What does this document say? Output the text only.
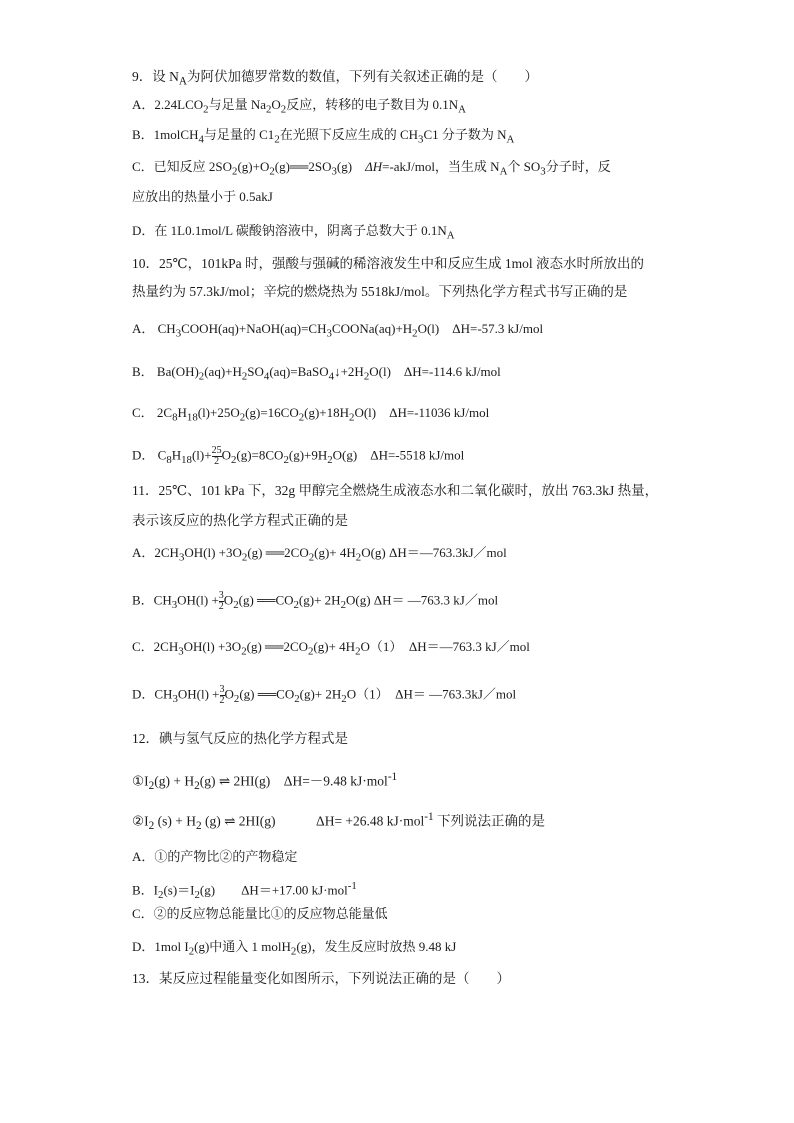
9．设 $N_A$为阿伏加德罗常数的数值，下列有关叙述正确的是（　　）
A．$2.24LCO_2$与足量 $Na_2O_2$反应，转移的电子数目为 $0.1N_A$
B．1molCH$_4$与足量的 $C1_2$在光照下反应生成的 $CH_3C1$ 分子数为 $N_A$
C．已知反应 $2SO_2(g)+O_2(g)══2SO_3(g)$　ΔH=-akJ/mol，当生成 $N_A$个 $SO_3$分子时，反
应放出的热量小于 0.5akJ
D．在 1L0.1mol/L 碳酸钠溶液中，阴离子总数大于 $0.1N_A$
10．25℃，101kPa 时，强酸与强碱的稀溶液发生中和反应生成 1mol 液态水时所放出的
热量约为 57.3kJ/mol；辛烷的燃烧热为 5518kJ/mol。下列热化学方程式书写正确的是
A． $CH_3COOH(aq)+NaOH(aq)=CH_3COONa(aq)+H_2O(l)$　ΔH=-57.3 kJ/mol
B． $Ba(OH)_2(aq)+H_2SO_4(aq)=BaSO_4↓+2H_2O(l)$　ΔH=-114.6 kJ/mol
C． $2C_8H_{18}(l)+25O_2(g)=16CO_2(g)+18H_2O(l)$　ΔH=-11036 kJ/mol
D． $C_8H_{18}(l)+ \frac{25}{2} O_2(g)=8CO_2(g)+9H_2O(g)$　ΔH=-5518 kJ/mol
11．25℃、101 kPa 下，32g 甲醇完全燃烧生成液态水和二氧化碳时，放出 763.3kJ 热量，
表示该反应的热化学方程式正确的是
A．$2CH_3OH(l) +3O_2(g)$ $══2CO_2(g)+ 4H_2O(g)$ ΔH＝—763.3kJ／mol
B．$CH_3OH(l) + \frac{3}{2} O_2(g)$ $══CO_2(g)+ 2H_2O(g)$ ΔH＝ —763.3 kJ／mol
C．$2CH_3OH(l) +3O_2(g)$ $══2CO_2(g)+ 4H_2O(1)$　ΔH＝—763.3 kJ／mol
D．$CH_3OH(l) + \frac{3}{2} O_2(g)$ $══CO_2(g)+ 2H_2O(1)$　ΔH＝ —763.3kJ／mol
12．碘与氢气反应的热化学方程式是
$①I_2(g) + H_2(g)$ ⇌ 2HI(g)　ΔH=－9.48 kJ·mol$^{-1}$
$②I_2$ $(s) + H_2$ (g) ⇌ 2HI(g)　　　ΔH= +26.48 kJ·mol$^{-1}$ 下列说法正确的是
A．①的产物比②的产物稳定
B．$I_2(s)=I_2(g)$　　ΔH＝+17.00 kJ·mol$^{-1}$
C．②的反应物总能量比①的反应物总能量低
D．1mol $I_2(g)$中通入 1 molH$_2$(g)，发生反应时放热 9.48 kJ
13．某反应过程能量变化如图所示，下列说法正确的是（　　）
